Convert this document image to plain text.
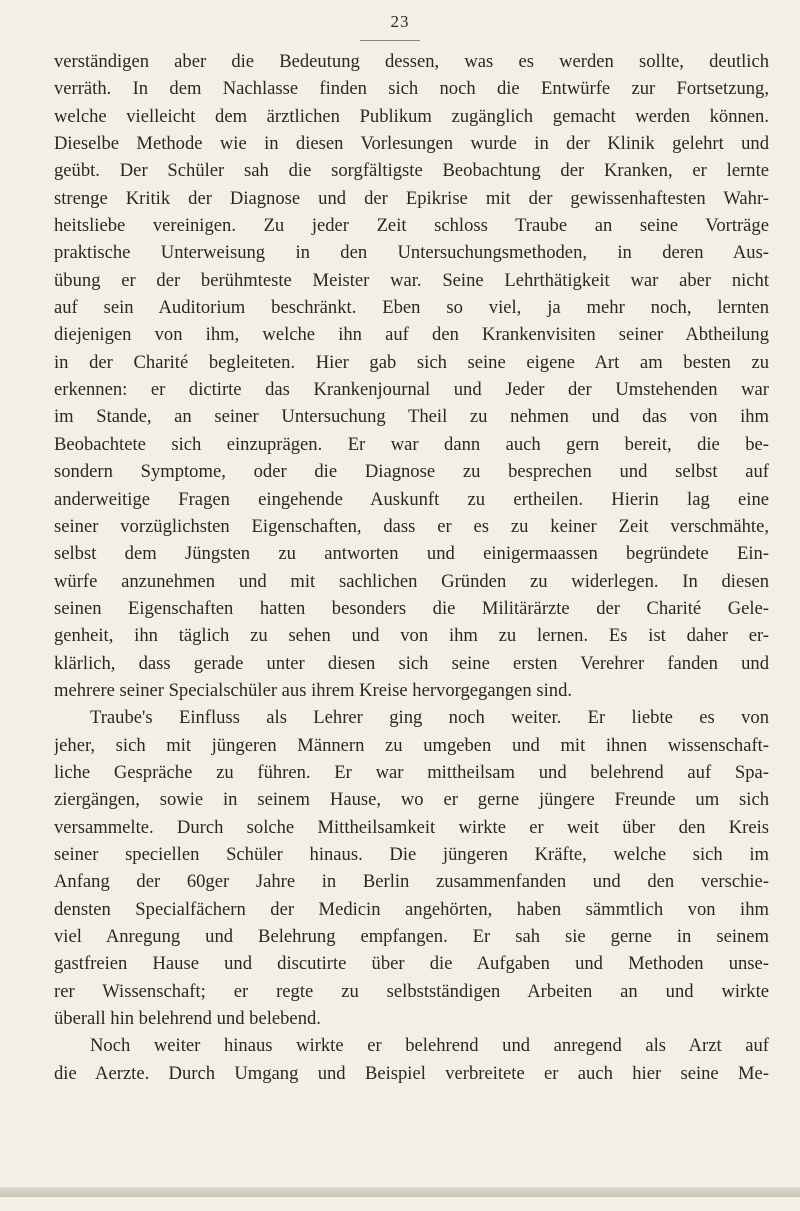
23
verständigen aber die Bedeutung dessen, was es werden sollte, deutlich
verräth. In dem Nachlasse finden sich noch die Entwürfe zur Fortsetzung,
welche vielleicht dem ärztlichen Publikum zugänglich gemacht werden können.
Dieselbe Methode wie in diesen Vorlesungen wurde in der Klinik gelehrt und
geübt. Der Schüler sah die sorgfältigste Beobachtung der Kranken, er lernte
strenge Kritik der Diagnose und der Epikrise mit der gewissenhaftesten Wahr-
heitsliebe vereinigen. Zu jeder Zeit schloss Traube an seine Vorträge
praktische Unterweisung in den Untersuchungsmethoden, in deren Aus-
übung er der berühmteste Meister war. Seine Lehrthätigkeit war aber nicht
auf sein Auditorium beschränkt. Eben so viel, ja mehr noch, lernten
diejenigen von ihm, welche ihn auf den Krankenvisiten seiner Abtheilung
in der Charité begleiteten. Hier gab sich seine eigene Art am besten zu
erkennen: er dictirte das Krankenjournal und Jeder der Umstehenden war
im Stande, an seiner Untersuchung Theil zu nehmen und das von ihm
Beobachtete sich einzuprägen. Er war dann auch gern bereit, die be-
sondern Symptome, oder die Diagnose zu besprechen und selbst auf
anderweitige Fragen eingehende Auskunft zu ertheilen. Hierin lag eine
seiner vorzüglichsten Eigenschaften, dass er es zu keiner Zeit verschmähte,
selbst dem Jüngsten zu antworten und einigermaassen begründete Ein-
würfe anzunehmen und mit sachlichen Gründen zu widerlegen. In diesen
seinen Eigenschaften hatten besonders die Militärärzte der Charité Gele-
genheit, ihn täglich zu sehen und von ihm zu lernen. Es ist daher er-
klärlich, dass gerade unter diesen sich seine ersten Verehrer fanden und
mehrere seiner Specialschüler aus ihrem Kreise hervorgegangen sind.
Traube's Einfluss als Lehrer ging noch weiter. Er liebte es von
jeher, sich mit jüngeren Männern zu umgeben und mit ihnen wissenschaft-
liche Gespräche zu führen. Er war mittheilsam und belehrend auf Spa-
ziergängen, sowie in seinem Hause, wo er gerne jüngere Freunde um sich
versammelte. Durch solche Mittheilsamkeit wirkte er weit über den Kreis
seiner speciellen Schüler hinaus. Die jüngeren Kräfte, welche sich im
Anfang der 60ger Jahre in Berlin zusammenfanden und den verschie-
densten Specialfächern der Medicin angehörten, haben sämmtlich von ihm
viel Anregung und Belehrung empfangen. Er sah sie gerne in seinem
gastfreien Hause und discutirte über die Aufgaben und Methoden unse-
rer Wissenschaft; er regte zu selbstständigen Arbeiten an und wirkte
überall hin belehrend und belebend.
Noch weiter hinaus wirkte er belehrend und anregend als Arzt auf
die Aerzte. Durch Umgang und Beispiel verbreitete er auch hier seine Me-
